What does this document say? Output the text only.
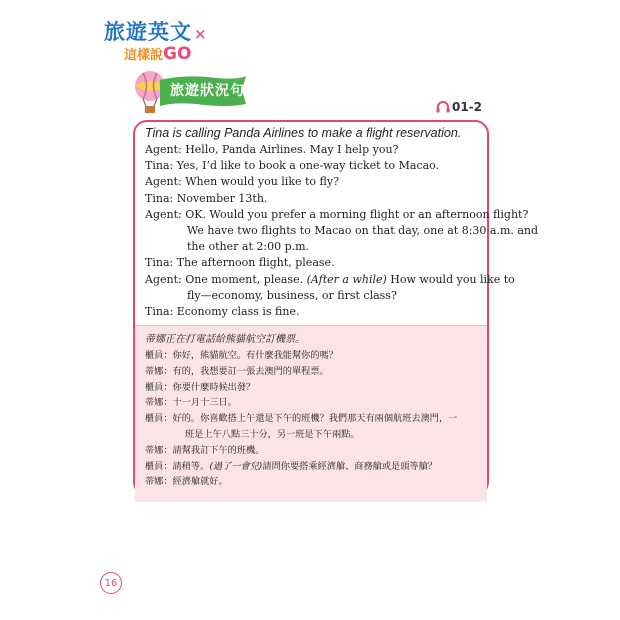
旅遊英文 ×
這樣說GO
旅遊狀況句
01-2
Tina is calling Panda Airlines to make a flight reservation.
Agent: Hello, Panda Airlines. May I help you?
Tina: Yes, I’d like to book a one-way ticket to Macao.
Agent: When would you like to fly?
Tina: November 13th.
Agent: OK. Would you prefer a morning flight or an afternoon flight?
We have two flights to Macao on that day, one at 8:30 a.m. and
the other at 2:00 p.m.
Tina: The afternoon flight, please.
Agent: One moment, please. (After a while) How would you like to
fly—economy, business, or first class?
Tina: Economy class is fine.
蒂娜正在打電話給熊貓航空訂機票。
櫃員：你好，熊貓航空。有什麼我能幫你的嗎？
蒂娜：有的，我想要訂一張去澳門的單程票。
櫃員：你要什麼時候出發？
蒂娜：十一月十三日。
櫃員：好的。你喜歡搭上午還是下午的班機？我們那天有兩個航班去澳門，一
班是上午八點三十分，另一班是下午兩點。
蒂娜：請幫我訂下午的班機。
櫃員：請稍等。(過了一會兒)請問你要搭乘經濟艙、商務艙或是頭等艙？
蒂娜：經濟艙就好。
16
